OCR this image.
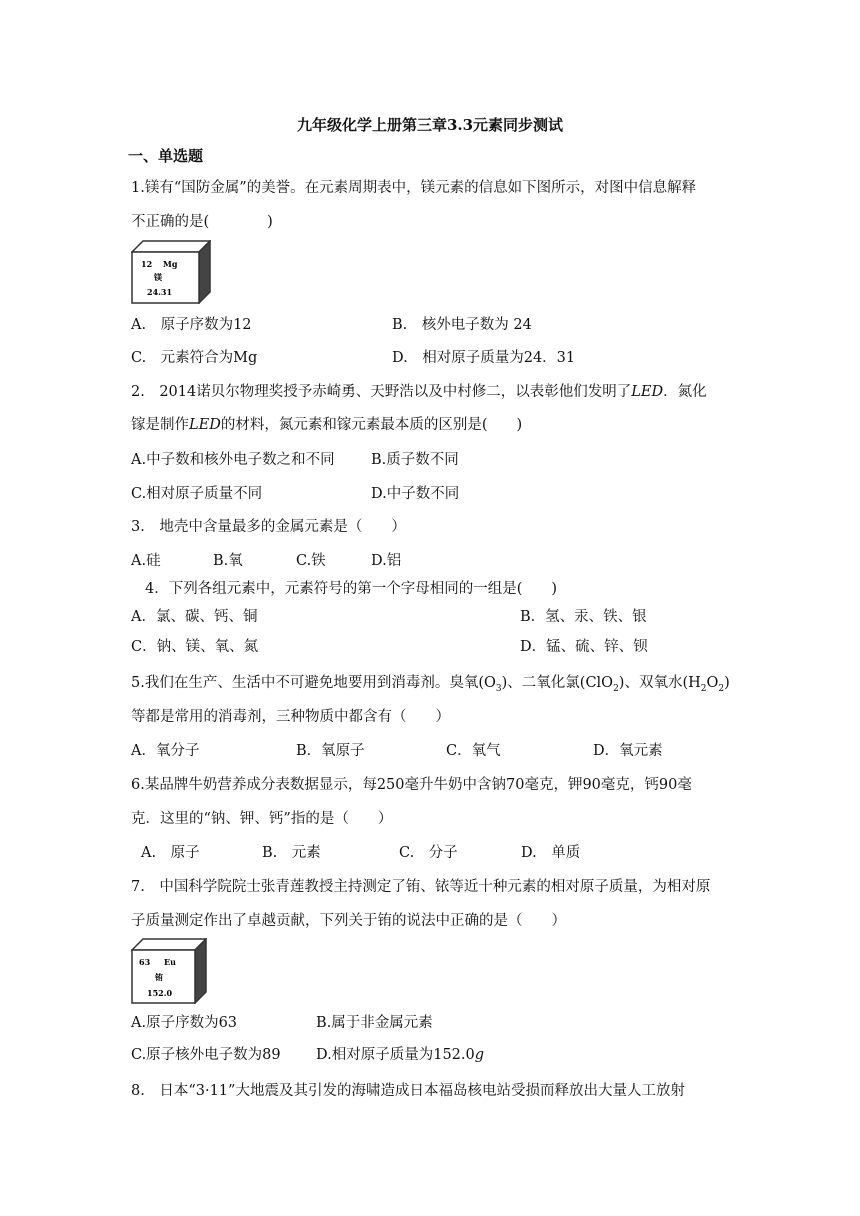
九年级化学上册第三章3.3元素同步测试
一、单选题
1.镁有“国防金属”的美誉。在元素周期表中，镁元素的信息如下图所示，对图中信息解释
不正确的是(　　　　)
12 Mg
镁
24.31
A.　原子序数为12	B.　核外电子数为 24
C.　元素符合为Mg	D.　相对原子质量为24．31
2.　2014诺贝尔物理奖授予赤崎勇、天野浩以及中村修二，以表彰他们发明了𝐿𝐸𝐷．氮化
镓是制作𝐿𝐸𝐷的材料，氮元素和镓元素最本质的区别是(　　)
A.中子数和核外电子数之和不同	B.质子数不同
C.相对原子质量不同	D.中子数不同
3.　地壳中含量最多的金属元素是（　　）
A.硅	B.氧	C.铁	D.铝
4．下列各组元素中，元素符号的第一个字母相同的一组是(　　)
A．氯、碳、钙、铜	B．氢、汞、铁、银
C．钠、镁、氧、氮	D．锰、硫、锌、钡
5.我们在生产、生活中不可避免地要用到消毒剂。臭氧$(O_3)$、二氧化氯(ClO$_2$)、双氧水$(H_2O_2)$
等都是常用的消毒剂，三种物质中都含有（　　）
A．氧分子	B．氧原子	C．氧气	D．氧元素
6.某品牌牛奶营养成分表数据显示，每250毫升牛奶中含钠70毫克，钾90毫克，钙90毫
克．这里的“钠、钾、钙”指的是（　　）
A.　原子	B.　元素	C.　分子	D.　单质
7.　中国科学院院士张青莲教授主持测定了铕、铱等近十种元素的相对原子质量，为相对原
子质量测定作出了卓越贡献，下列关于铕的说法中正确的是（　　）
63 Eu
铕
152.0
A.原子序数为63	B.属于非金属元素
C.原子核外电子数为89 D.相对原子质量为152.0𝑔
8.　日本“3·11”大地震及其引发的海啸造成日本福岛核电站受损而释放出大量人工放射
